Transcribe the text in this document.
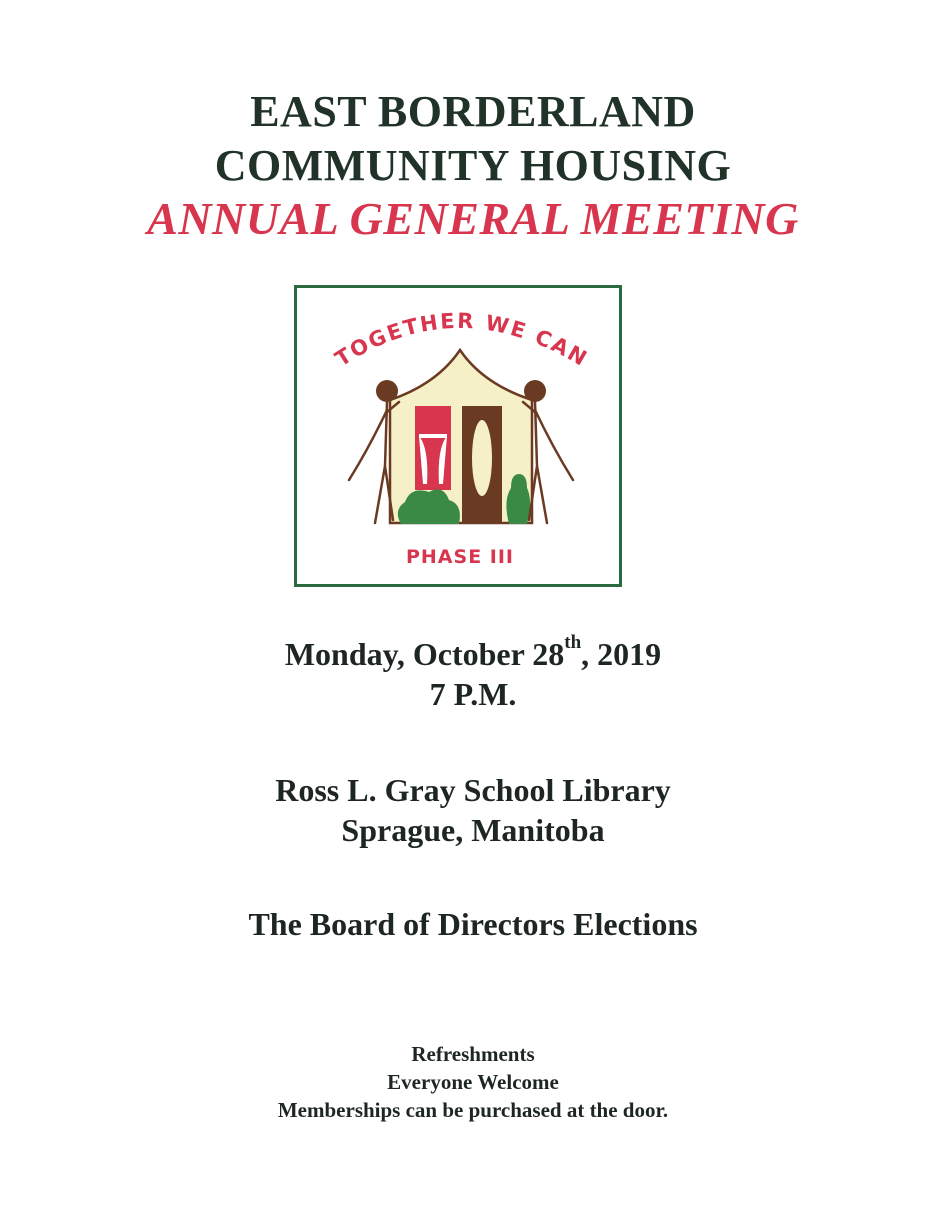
EAST BORDERLAND
COMMUNITY HOUSING
ANNUAL GENERAL MEETING
TOGETHER WE CAN
PHASE III
Monday, October 28th, 2019
7 P.M.
Ross L. Gray School Library
Sprague, Manitoba
The Board of Directors Elections
Refreshments
Everyone Welcome
Memberships can be purchased at the door.
